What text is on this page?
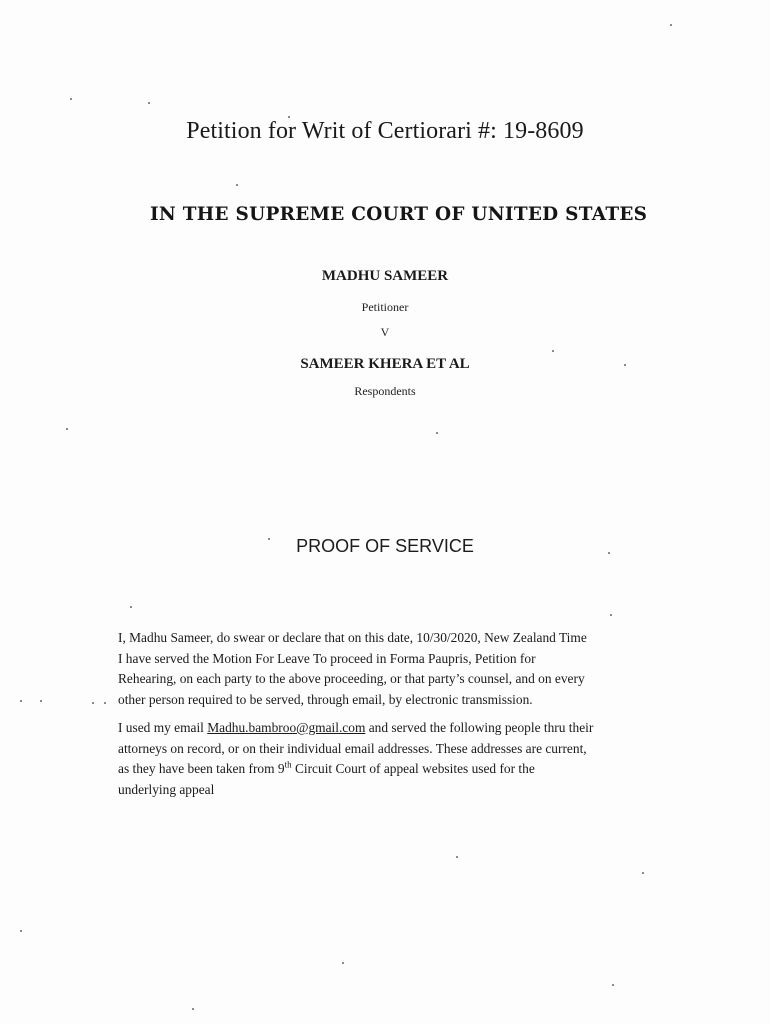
Petition for Writ of Certiorari #: 19-8609
IN THE SUPREME COURT OF UNITED STATES
MADHU SAMEER
Petitioner
V
SAMEER KHERA ET AL
Respondents
PROOF OF SERVICE
I, Madhu Sameer, do swear or declare that on this date, 10/30/2020, New Zealand Time
I have served the Motion For Leave To proceed in Forma Paupris, Petition for
Rehearing, on each party to the above proceeding, or that party’s counsel, and on every
other person required to be served, through email, by electronic transmission.
I used my email Madhu.bambroo@gmail.com and served the following people thru their
attorneys on record, or on their individual email addresses. These addresses are current,
as they have been taken from 9th Circuit Court of appeal websites used for the
underlying appeal
